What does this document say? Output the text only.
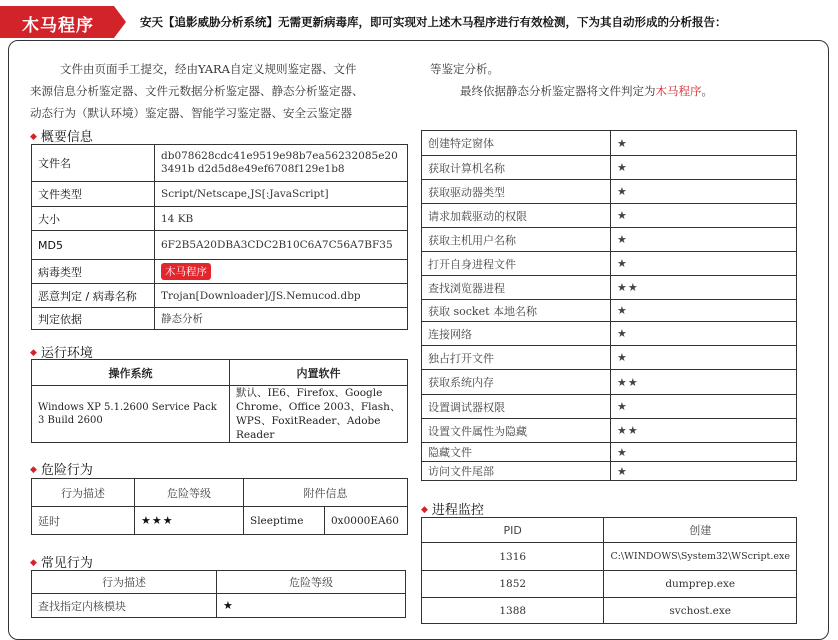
木马程序	安天【追影威胁分析系统】无需更新病毒库，即可实现对上述木马程序进行有效检测，下为其自动形成的分析报告：
文件由页面手工提交，经由YARA自定义规则鉴定器、文件
来源信息分析鉴定器、文件元数据分析鉴定器、静态分析鉴定器、
动态行为（默认环境）鉴定器、智能学习鉴定器、安全云鉴定器
等鉴定分析。
最终依据静态分析鉴定器将文件判定为木马程序。
◆ 概要信息
文件名	db078628cdc41e9519e98b7ea56232085e203491b d2d5d8e49ef6708f129e1b8
文件类型	Script/Netscape,JS[:JavaScript]
大小	14 KB
MD5	6F2B5A20DBA3CDC2B10C6A7C56A7BF35
病毒类型	木马程序
恶意判定 / 病毒名称	Trojan[Downloader]/JS.Nemucod.dbp
判定依据	静态分析
◆ 运行环境
操作系统	内置软件
Windows XP 5.1.2600 Service Pack 3 Build 2600	默认、IE6、Firefox、Google Chrome、Office 2003、Flash、WPS、FoxitReader、Adobe Reader
◆ 危险行为
行为描述	危险等级	附件信息	
延时	★★★	Sleeptime	0x0000EA60
◆ 常见行为
行为描述	危险等级
查找指定内核模块	★
创建特定窗体	★
获取计算机名称	★
获取驱动器类型	★
请求加载驱动的权限	★
获取主机用户名称	★
打开自身进程文件	★
查找浏览器进程	★★
获取 socket 本地名称	★
连接网络	★
独占打开文件	★
获取系统内存	★★
设置调试器权限	★
设置文件属性为隐藏	★★
隐藏文件	★
访问文件尾部	★
◆ 进程监控
PID	创建
1316	C:\WINDOWS\System32\WScript.exe
1852	dumprep.exe
1388	svchost.exe
